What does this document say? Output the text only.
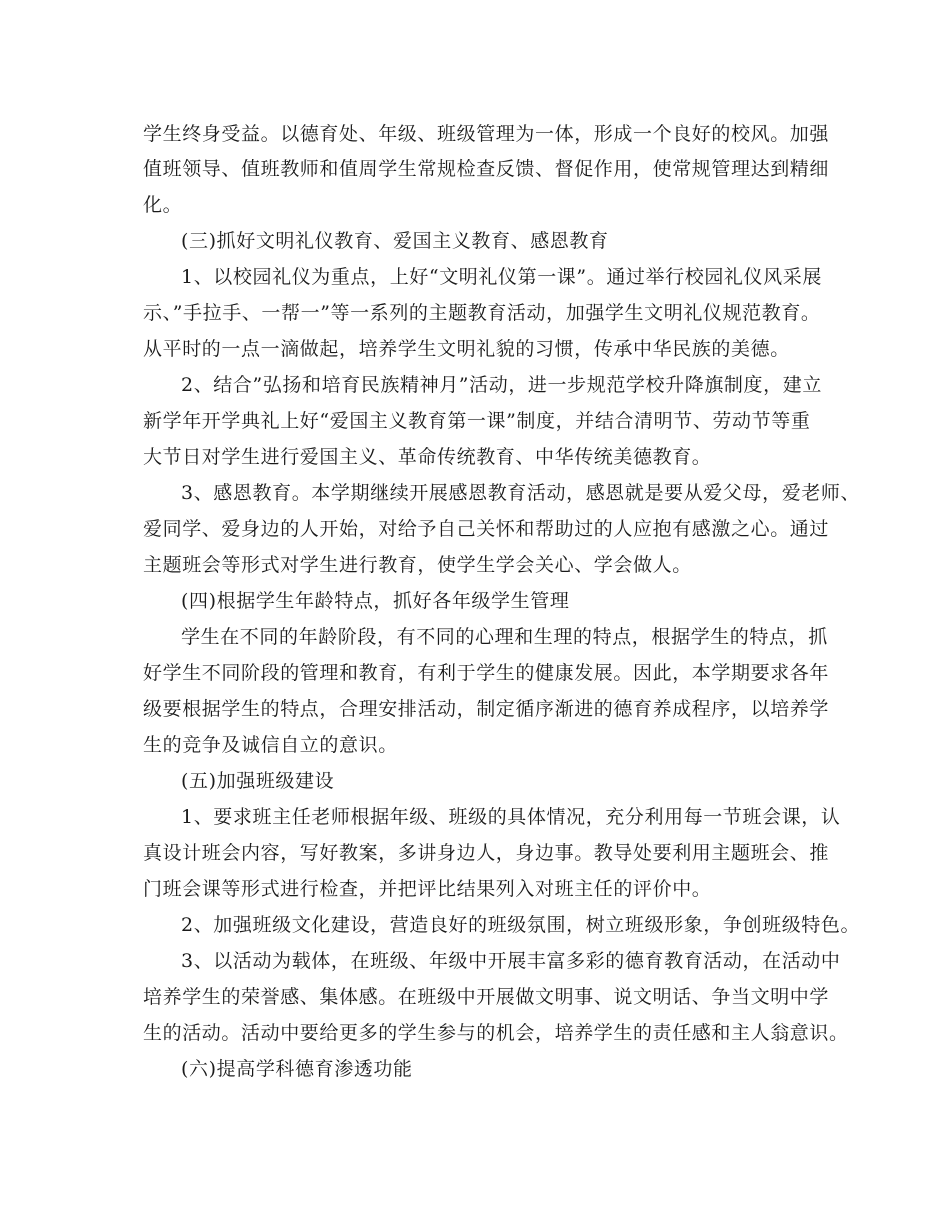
学生终身受益。以德育处、年级、班级管理为一体，形成一个良好的校风。加强
值班领导、值班教师和值周学生常规检查反馈、督促作用，使常规管理达到精细
化。
(三)抓好文明礼仪教育、爱国主义教育、感恩教育
1、以校园礼仪为重点，上好“文明礼仪第一课”。通过举行校园礼仪风采展
示、”手拉手、一帮一”等一系列的主题教育活动，加强学生文明礼仪规范教育。
从平时的一点一滴做起，培养学生文明礼貌的习惯，传承中华民族的美德。
2、结合”弘扬和培育民族精神月”活动，进一步规范学校升降旗制度，建立
新学年开学典礼上好“爱国主义教育第一课”制度，并结合清明节、劳动节等重
大节日对学生进行爱国主义、革命传统教育、中华传统美德教育。
3、感恩教育。本学期继续开展感恩教育活动，感恩就是要从爱父母，爱老师、
爱同学、爱身边的人开始，对给予自己关怀和帮助过的人应抱有感激之心。通过
主题班会等形式对学生进行教育，使学生学会关心、学会做人。
(四)根据学生年龄特点，抓好各年级学生管理
学生在不同的年龄阶段，有不同的心理和生理的特点，根据学生的特点，抓
好学生不同阶段的管理和教育，有利于学生的健康发展。因此，本学期要求各年
级要根据学生的特点，合理安排活动，制定循序渐进的德育养成程序，以培养学
生的竞争及诚信自立的意识。
(五)加强班级建设
1、要求班主任老师根据年级、班级的具体情况，充分利用每一节班会课，认
真设计班会内容，写好教案，多讲身边人，身边事。教导处要利用主题班会、推
门班会课等形式进行检查，并把评比结果列入对班主任的评价中。
2、加强班级文化建设，营造良好的班级氛围，树立班级形象，争创班级特色。
3、以活动为载体，在班级、年级中开展丰富多彩的德育教育活动，在活动中
培养学生的荣誉感、集体感。在班级中开展做文明事、说文明话、争当文明中学
生的活动。活动中要给更多的学生参与的机会，培养学生的责任感和主人翁意识。
(六)提高学科德育渗透功能
